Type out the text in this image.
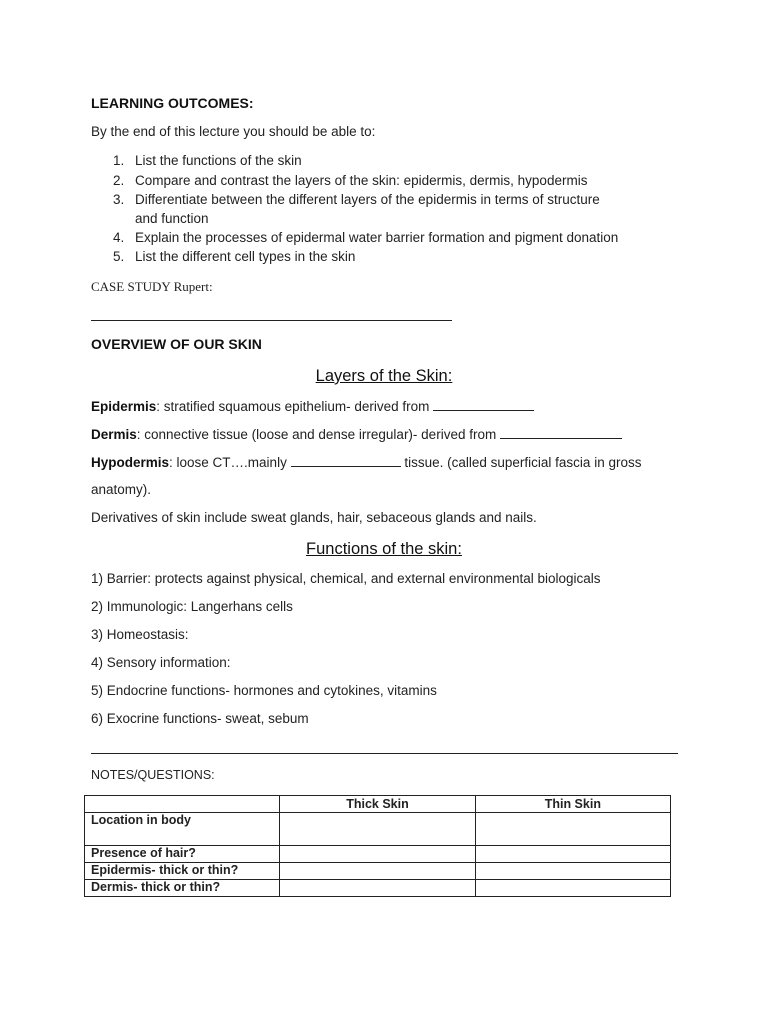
LEARNING OUTCOMES:
By the end of this lecture you should be able to:
1. List the functions of the skin
2. Compare and contrast the layers of the skin: epidermis, dermis, hypodermis
3. Differentiate between the different layers of the epidermis in terms of structure
and function
4. Explain the processes of epidermal water barrier formation and pigment donation
5. List the different cell types in the skin
CASE STUDY Rupert:
OVERVIEW OF OUR SKIN
Layers of the Skin:
Epidermis: stratified squamous epithelium- derived from
Dermis: connective tissue (loose and dense irregular)- derived from
Hypodermis: loose CT….mainly	tissue. (called superficial fascia in gross
anatomy).
Derivatives of skin include sweat glands, hair, sebaceous glands and nails.
Functions of the skin:
1) Barrier: protects against physical, chemical, and external environmental biologicals
2) Immunologic: Langerhans cells
3) Homeostasis:
4) Sensory information:
5) Endocrine functions- hormones and cytokines, vitamins
6) Exocrine functions- sweat, sebum
NOTES/QUESTIONS:
	Thick Skin	Thin Skin
Location in body		
Presence of hair?		
Epidermis- thick or thin?		
Dermis- thick or thin?		
